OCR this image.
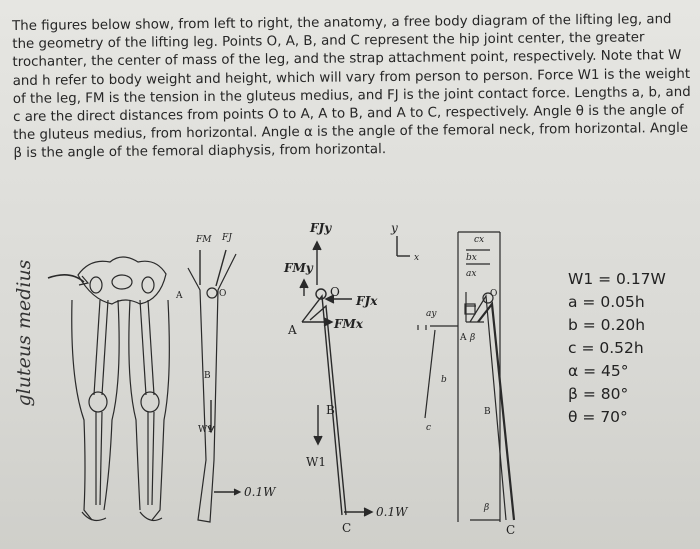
The figures below show, from left to right, the anatomy, a free body diagram of the lifting leg, and
the geometry of the lifting leg. Points O, A, B, and C represent the hip joint center, the greater
trochanter, the center of mass of the leg, and the strap attachment point, respectively. Note that W
and h refer to body weight and height, which will vary from person to person. Force W1 is the weight
of the leg, FM is the tension in the gluteus medius, and FJ is the joint contact force. Lengths a, b, and
c are the direct distances from points O to A, A to B, and A to C, respectively. Angle θ is the angle of
the gluteus medius, from horizontal. Angle α is the angle of the femoral neck, from horizontal. Angle
β is the angle of the femoral diaphysis, from horizontal.
gluteus medius
FM FJ
A	O
B
W1
0.1W
FJy
FMy
FJx
FMx
O
A
B
C
W1
0.1W
y
x
cx
bx
ax
ay
O
A β
b
B
c
β
C
W1 = 0.17W
a = 0.05h
b = 0.20h
c = 0.52h
α = 45°
β = 80°
θ = 70°
